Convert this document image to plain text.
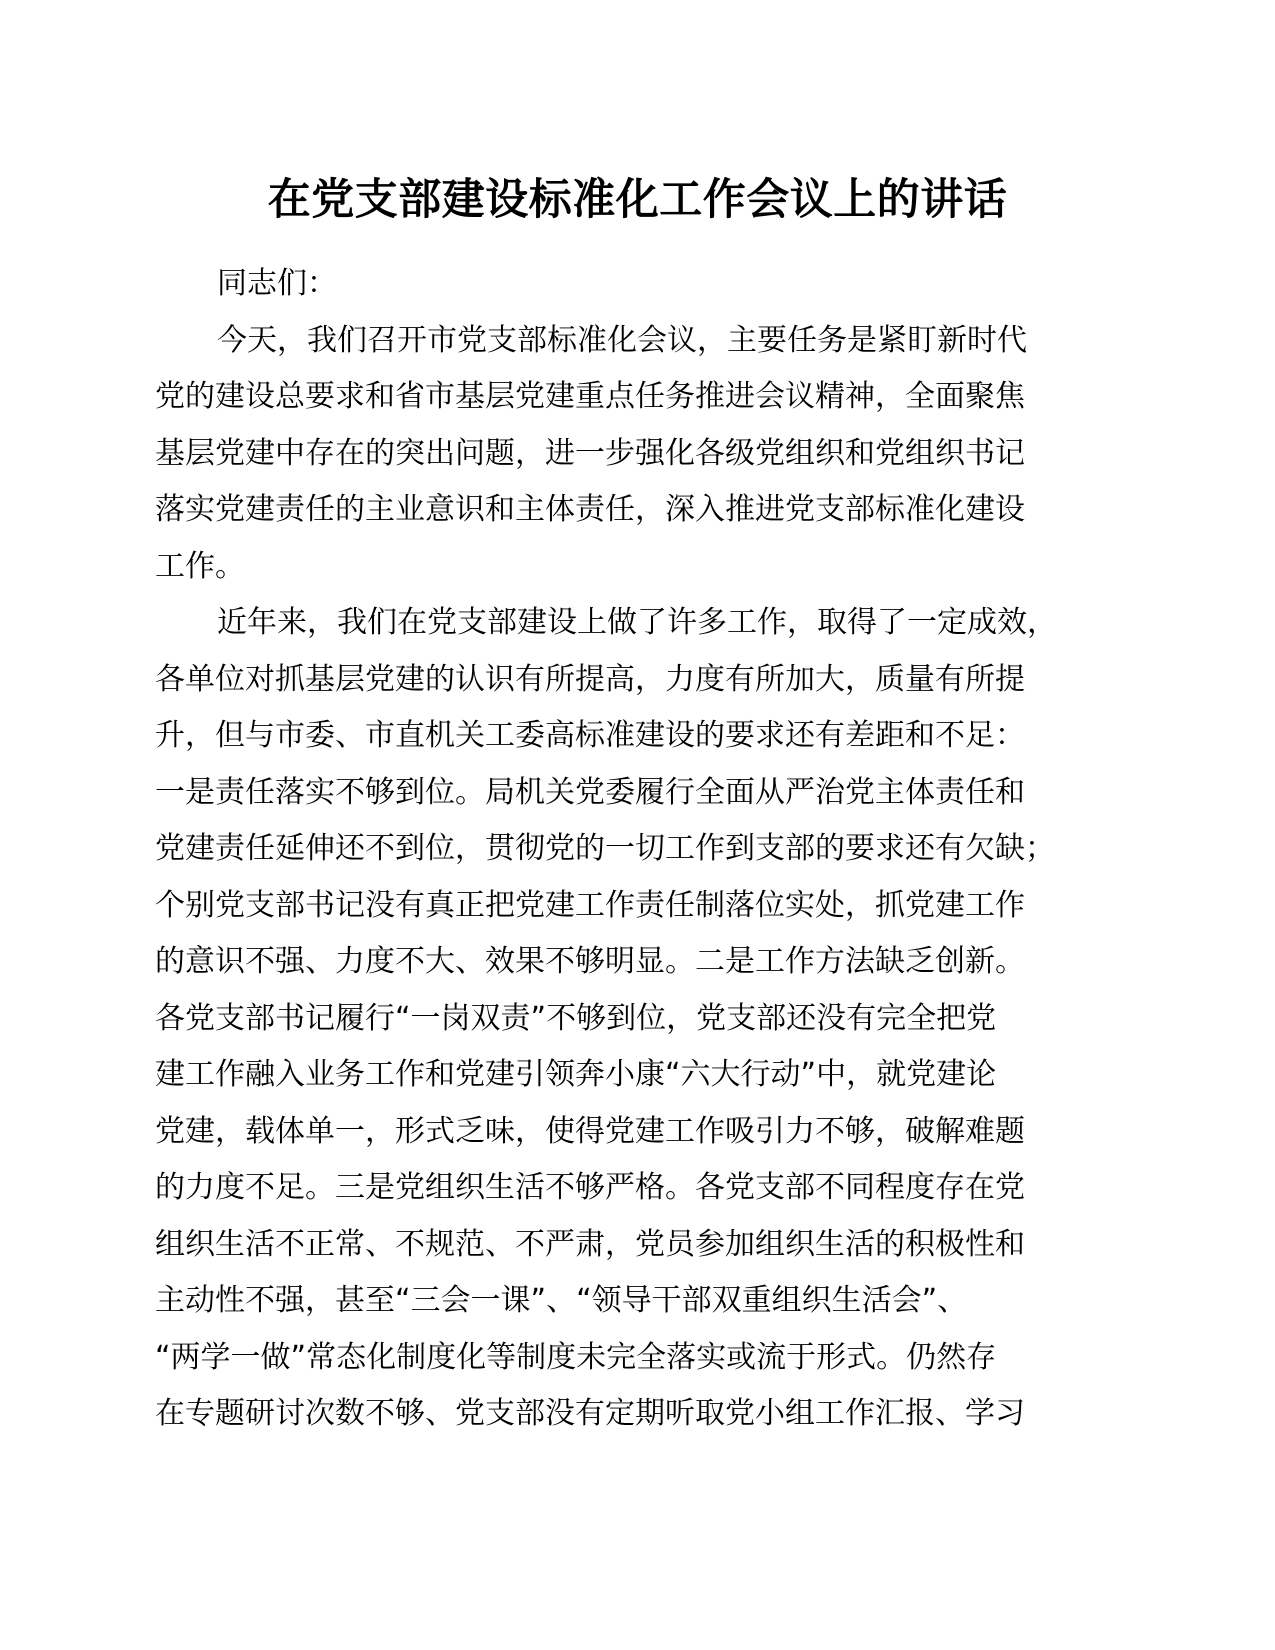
在党支部建设标准化工作会议上的讲话
同志们：
今天，我们召开市党支部标准化会议，主要任务是紧盯新时代
党的建设总要求和省市基层党建重点任务推进会议精神，全面聚焦
基层党建中存在的突出问题，进一步强化各级党组织和党组织书记
落实党建责任的主业意识和主体责任，深入推进党支部标准化建设
工作。
近年来，我们在党支部建设上做了许多工作，取得了一定成效，
各单位对抓基层党建的认识有所提高，力度有所加大，质量有所提
升，但与市委、市直机关工委高标准建设的要求还有差距和不足：
一是责任落实不够到位。局机关党委履行全面从严治党主体责任和
党建责任延伸还不到位，贯彻党的一切工作到支部的要求还有欠缺；
个别党支部书记没有真正把党建工作责任制落位实处，抓党建工作
的意识不强、力度不大、效果不够明显。二是工作方法缺乏创新。
各党支部书记履行“一岗双责”不够到位，党支部还没有完全把党
建工作融入业务工作和党建引领奔小康“六大行动”中，就党建论
党建，载体单一，形式乏味，使得党建工作吸引力不够，破解难题
的力度不足。三是党组织生活不够严格。各党支部不同程度存在党
组织生活不正常、不规范、不严肃，党员参加组织生活的积极性和
主动性不强，甚至“三会一课”、“领导干部双重组织生活会”、
“两学一做”常态化制度化等制度未完全落实或流于形式。仍然存
在专题研讨次数不够、党支部没有定期听取党小组工作汇报、学习
